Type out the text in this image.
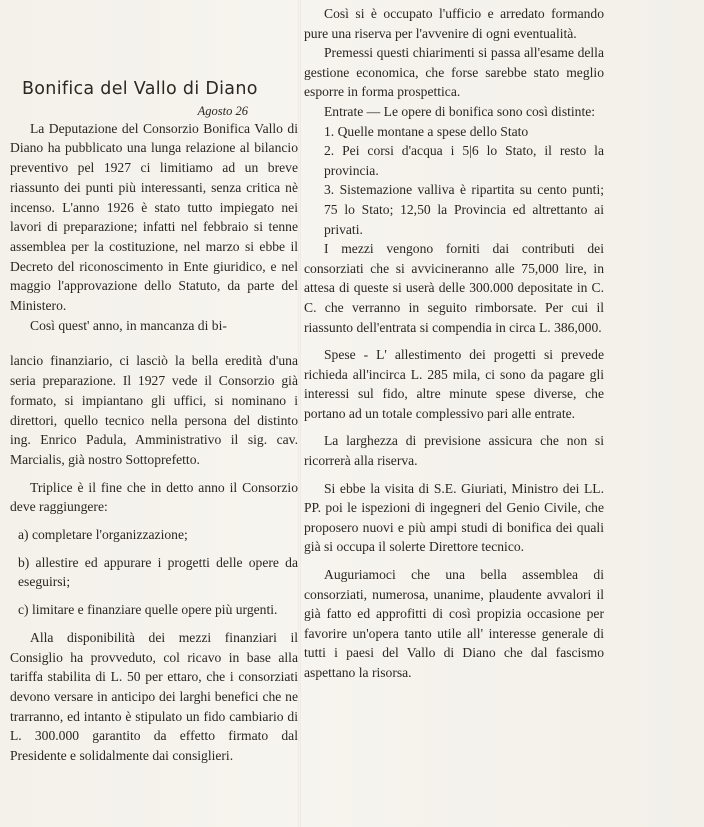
Bonifica del Vallo di Diano
Agosto 26

La Deputazione del Consorzio Bonifica Vallo di Diano ha pubblicato una lunga relazione al bilancio preventivo pel 1927 ci limitiamo ad un breve riassunto dei punti più interessanti, senza critica nè incenso. L'anno 1926 è stato tutto impiegato nei lavori di preparazione; infatti nel febbraio si tenne assemblea per la costituzione, nel marzo si ebbe il Decreto del riconoscimento in Ente giuridico, e nel maggio l'approvazione dello Statuto, da parte del Ministero.

Così quest' anno, in mancanza di bi-

lancio finanziario, ci lasciò la bella eredità d'una seria preparazione. Il 1927 vede il Consorzio già formato, si impiantano gli uffici, si nominano i direttori, quello tecnico nella persona del distinto ing. Enrico Padula, Amministrativo il sig. cav. Marcialis, già nostro Sottoprefetto.

Triplice è il fine che in detto anno il Consorzio deve raggiungere:

a) completare l'organizzazione;

b) allestire ed appurare i progetti delle opere da eseguirsi;

c) limitare e finanziare quelle opere più urgenti.

Alla disponibilità dei mezzi finanziari il Consiglio ha provveduto, col ricavo in base alla tariffa stabilita di L. 50 per ettaro, che i consorziati devono versare in anticipo dei larghi benefici che ne trarranno, ed intanto è stipulato un fido cambiario di L. 300.000 garantito da effetto firmato dal Presidente e solidalmente dai consiglieri.

Così si è occupato l'ufficio e arredato formando pure una riserva per l'avvenire di ogni eventualità.

Premessi questi chiarimenti si passa all'esame della gestione economica, che forse sarebbe stato meglio esporre in forma prospettica.

Entrate — Le opere di bonifica sono così distinte:

1. Quelle montane a spese dello Stato

2. Pei corsi d'acqua i 5|6 lo Stato, il resto la provincia.

3. Sistemazione valliva è ripartita su cento punti; 75 lo Stato; 12,50 la Provincia ed altrettanto ai privati.

I mezzi vengono forniti dai contributi dei consorziati che si avvicineranno alle 75,000 lire, in attesa di queste si userà delle 300.000 depositate in C. C. che verranno in seguito rimborsate. Per cui il riassunto dell'entrata si compendia in circa L. 386,000.

Spese - L' allestimento dei progetti si prevede richieda all'incirca L. 285 mila, ci sono da pagare gli interessi sul fido, altre minute spese diverse, che portano ad un totale complessivo pari alle entrate.

La larghezza di previsione assicura che non si ricorrerà alla riserva.

Si ebbe la visita di S.E. Giuriati, Ministro dei LL. PP. poi le ispezioni di ingegneri del Genio Civile, che proposero nuovi e più ampi studi di bonifica dei quali già si occupa il solerte Direttore tecnico.

Auguriamoci che una bella assemblea di consorziati, numerosa, unanime, plaudente avvalori il già fatto ed approfitti di così propizia occasione per favorire un'opera tanto utile all' interesse generale di tutti i paesi del Vallo di Diano che dal fascismo aspettano la risorsa.
